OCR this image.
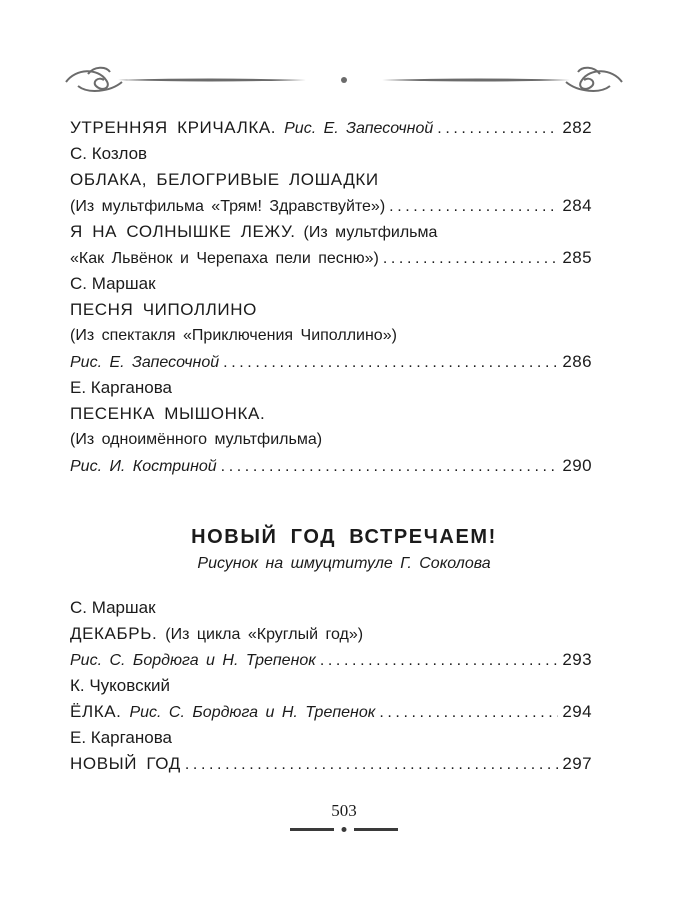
УТРЕННЯЯ КРИЧАЛКА. Рис. Е. Запесочной .....	282
С. Козлов
ОБЛАКА, БЕЛОГРИВЫЕ ЛОШАДКИ
(Из мультфильма «Трям! Здравствуйте») .....	284
Я НА СОЛНЫШКЕ ЛЕЖУ. (Из мультфильма
«Как Львёнок и Черепаха пели песню») .....	285
С. Маршак
ПЕСНЯ ЧИПОЛЛИНО
(Из спектакля «Приключения Чиполлино»)
Рис. Е. Запесочной .....	286
Е. Карганова
ПЕСЕНКА МЫШОНКА.
(Из одноимённого мультфильма)
Рис. И. Костриной .....	290
НОВЫЙ ГОД ВСТРЕЧАЕМ!
Рисунок на шмуцтитуле Г. Соколова
С. Маршак
ДЕКАБРЬ. (Из цикла «Круглый год»)
Рис. С. Бордюга и Н. Трепенок .....	293
К. Чуковский
ЁЛКА. Рис. С. Бордюга и Н. Трепенок .....	294
Е. Карганова
НОВЫЙ ГОД .....	297
503
